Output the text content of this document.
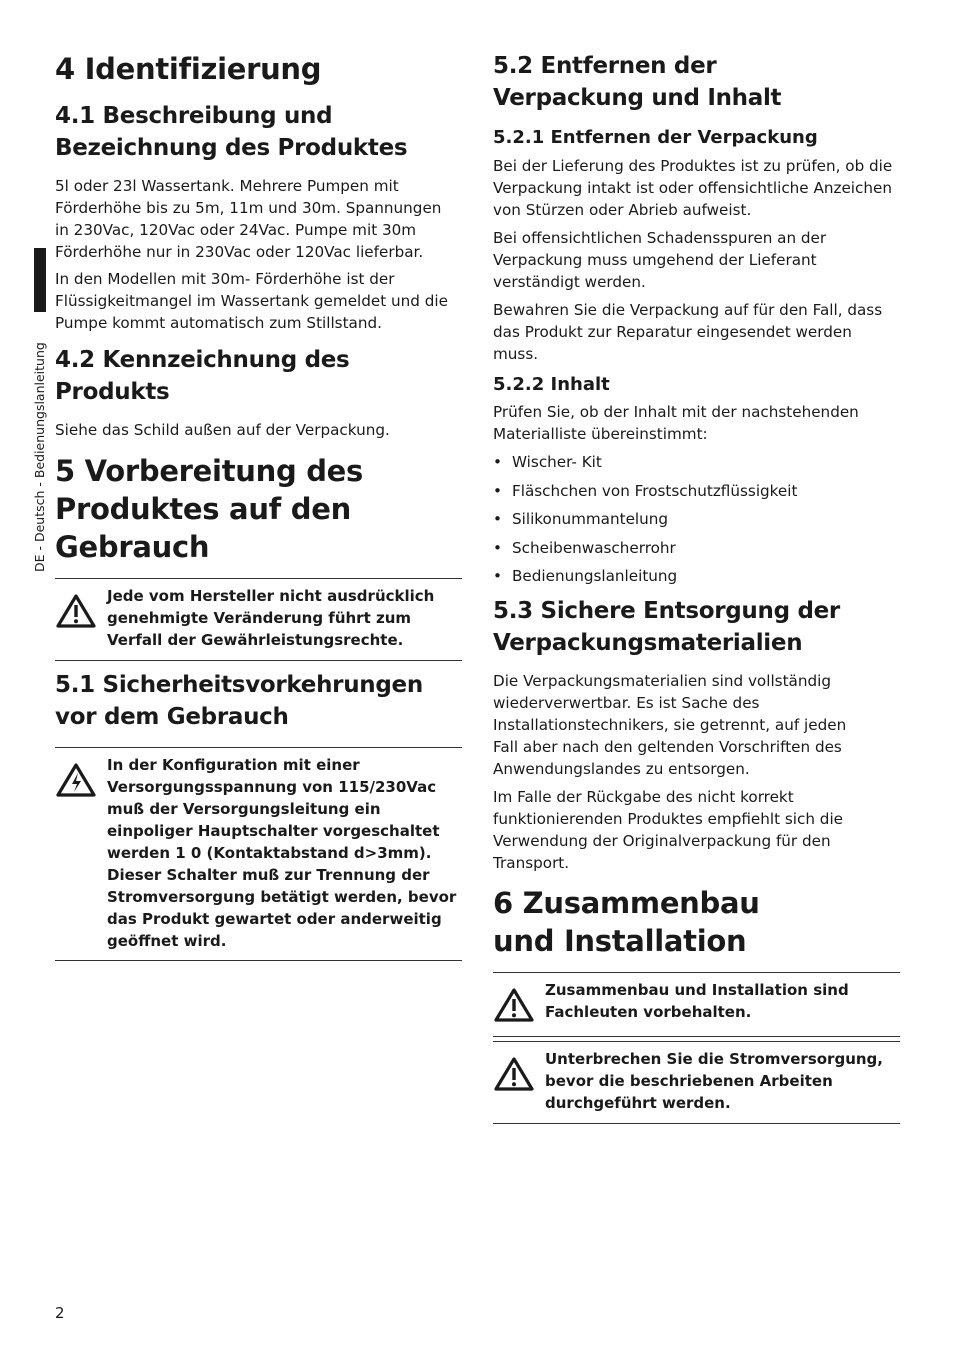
DE - Deutsch - Bedienungslanleitung
4 Identifizierung
4.1 Beschreibung und Bezeichnung des Produktes

5l oder 23l Wassertank. Mehrere Pumpen mit Förderhöhe bis zu 5m, 11m und 30m. Spannungen in 230Vac, 120Vac oder 24Vac. Pumpe mit 30m Förderhöhe nur in 230Vac oder 120Vac lieferbar.

In den Modellen mit 30m- Förderhöhe ist der Flüssigkeitmangel im Wassertank gemeldet und die Pumpe kommt automatisch zum Stillstand.

4.2 Kennzeichnung des Produkts

Siehe das Schild außen auf der Verpackung.

5 Vorbereitung des Produktes auf den Gebrauch
Jede vom Hersteller nicht ausdrücklich genehmigte Veränderung führt zum Verfall der Gewährleistungsrechte.
5.1 Sicherheitsvorkehrungen vor dem Gebrauch
In der Konfiguration mit einer Versorgungsspannung von 115/230Vac muß der Versorgungsleitung ein einpoliger Hauptschalter vorgeschaltet werden 1 0 (Kontaktabstand d>3mm). Dieser Schalter muß zur Trennung der Stromversorgung betätigt werden, bevor das Produkt gewartet oder anderweitig geöffnet wird.
5.2 Entfernen der Verpackung und Inhalt
5.2.1 Entfernen der Verpackung

Bei der Lieferung des Produktes ist zu prüfen, ob die Verpackung intakt ist oder offensichtliche Anzeichen von Stürzen oder Abrieb aufweist.

Bei offensichtlichen Schadensspuren an der Verpackung muss umgehend der Lieferant verständigt werden.

Bewahren Sie die Verpackung auf für den Fall, dass das Produkt zur Reparatur eingesendet werden muss.

5.2.2 Inhalt

Prüfen Sie, ob der Inhalt mit der nachstehenden Materialliste übereinstimmt:

• Wischer- Kit
• Fläschchen von Frostschutzflüssigkeit
• Silikonummantelung
• Scheibenwascherrohr
• Bedienungslanleitung
5.3 Sichere Entsorgung der Verpackungsmaterialien

Die Verpackungsmaterialien sind vollständig wiederverwertbar. Es ist Sache des Installationstechnikers, sie getrennt, auf jeden Fall aber nach den geltenden Vorschriften des Anwendungslandes zu entsorgen.

Im Falle der Rückgabe des nicht korrekt funktionierenden Produktes empfiehlt sich die Verwendung der Originalverpackung für den Transport.

6 Zusammenbau und Installation
Zusammenbau und Installation sind Fachleuten vorbehalten.
Unterbrechen Sie die Stromversorgung, bevor die beschriebenen Arbeiten durchgeführt werden.
2
